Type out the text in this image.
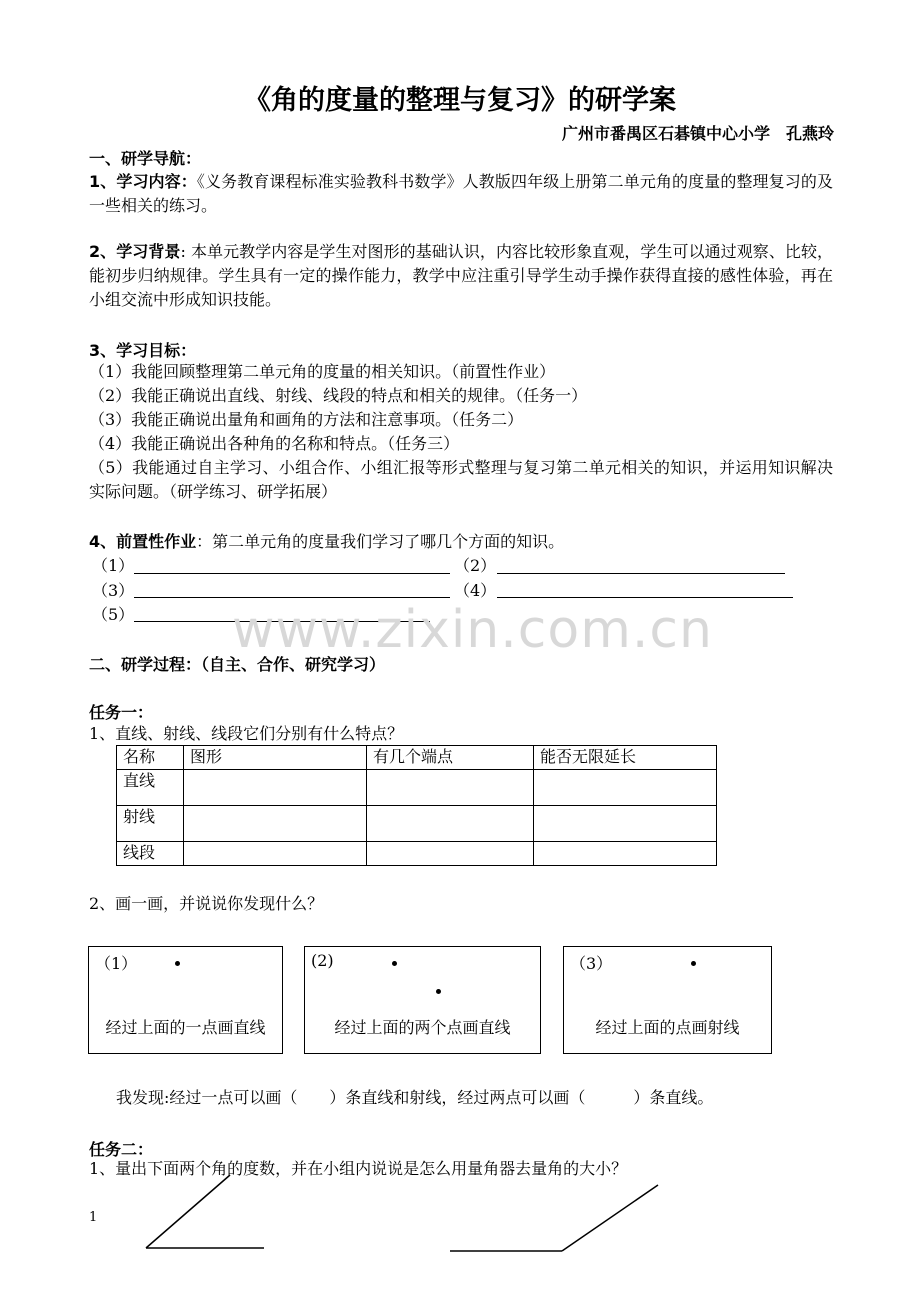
《角的度量的整理与复习》的研学案
广州市番禺区石碁镇中心小学　孔燕玲
一、研学导航：
1、学习内容：《义务教育课程标准实验教科书数学》人教版四年级上册第二单元角的度量的整理复习的及一些相关的练习。
2、学习背景: 本单元教学内容是学生对图形的基础认识，内容比较形象直观，学生可以通过观察、比较，能初步归纳规律。学生具有一定的操作能力，教学中应注重引导学生动手操作获得直接的感性体验，再在小组交流中形成知识技能。
3、学习目标：
（1）我能回顾整理第二单元角的度量的相关知识。（前置性作业）
（2）我能正确说出直线、射线、线段的特点和相关的规律。（任务一）
（3）我能正确说出量角和画角的方法和注意事项。（任务二）
（4）我能正确说出各种角的名称和特点。（任务三）
（5）我能通过自主学习、小组合作、小组汇报等形式整理与复习第二单元相关的知识，并运用知识解决实际问题。（研学练习、研学拓展）
4、前置性作业：第二单元角的度量我们学习了哪几个方面的知识。
（1）	（2）
（3）	（4）
（5） www.zixin.com.cn
二、研学过程：（自主、合作、研究学习）
任务一：
1、直线、射线、线段它们分别有什么特点？
名称	图形	有几个端点	能否无限延长
直线			
射线			
线段			
2、画一画，并说说你发现什么？
（1）
经过上面的一点画直线
(2)
经过上面的两个点画直线
（3）
经过上面的点画射线
我发现:经过一点可以画（　　）条直线和射线，经过两点可以画（　　　）条直线。
任务二：
1、量出下面两个角的度数，并在小组内说说是怎么用量角器去量角的大小？
1
